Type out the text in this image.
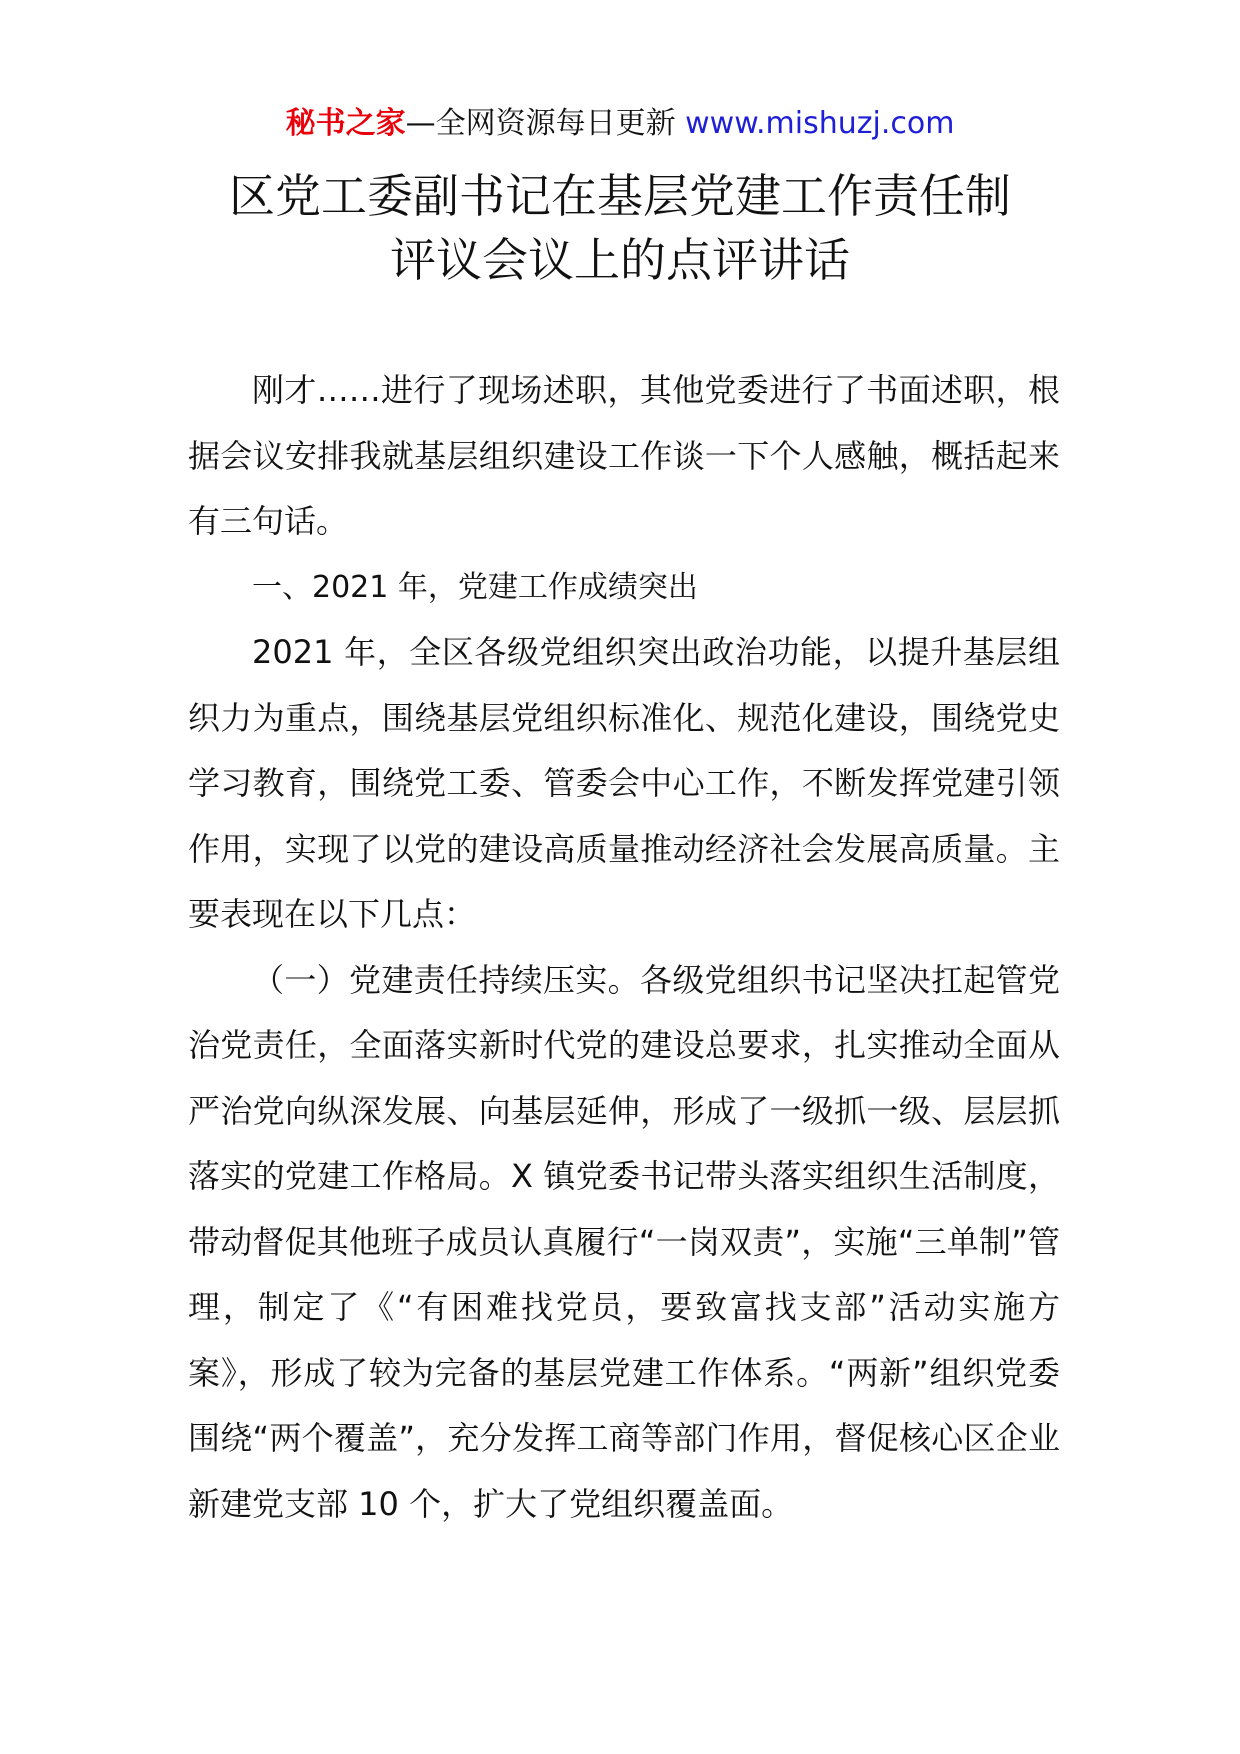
秘书之家—全网资源每日更新 www.mishuzj.com
区党工委副书记在基层党建工作责任制
评议会议上的点评讲话

刚才……进行了现场述职，其他党委进行了书面述职，根据会议安排我就基层组织建设工作谈一下个人感触，概括起来有三句话。

一、2021 年，党建工作成绩突出

2021 年，全区各级党组织突出政治功能，以提升基层组织力为重点，围绕基层党组织标准化、规范化建设，围绕党史学习教育，围绕党工委、管委会中心工作，不断发挥党建引领作用，实现了以党的建设高质量推动经济社会发展高质量。主要表现在以下几点：

（一）党建责任持续压实。各级党组织书记坚决扛起管党治党责任，全面落实新时代党的建设总要求，扎实推动全面从严治党向纵深发展、向基层延伸，形成了一级抓一级、层层抓落实的党建工作格局。X 镇党委书记带头落实组织生活制度，带动督促其他班子成员认真履行“一岗双责”，实施“三单制”管理，制定了《“有困难找党员，要致富找支部”活动实施方案》，形成了较为完备的基层党建工作体系。“两新”组织党委围绕“两个覆盖”，充分发挥工商等部门作用，督促核心区企业新建党支部 10 个，扩大了党组织覆盖面。
